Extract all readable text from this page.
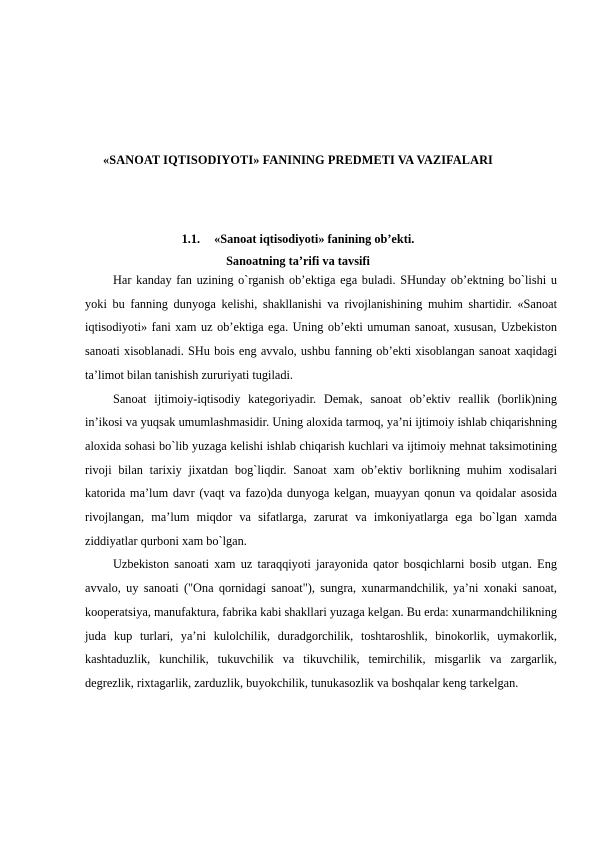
«SANOAT IQTISODIYOTI» FANINING PREDMETI VA VAZIFALARI
1.1. «Sanoat iqtisodiyoti» fanining ob’ekti.
Sanoatning ta’rifi va tavsifi

Har kanday fan uzining o`rganish ob’ektiga ega buladi. SHunday ob’ektning bo`lishi u yoki bu fanning dunyoga kelishi, shakllanishi va rivojlanishining muhim shartidir. «Sanoat iqtisodiyoti» fani xam uz ob’ektiga ega. Uning ob’ekti umuman sanoat, xususan, Uzbekiston sanoati xisoblanadi. SHu bois eng avvalo, ushbu fanning ob’ekti xisoblangan sanoat xaqidagi ta’limot bilan tanishish zururiyati tugiladi.

Sanoat ijtimoiy-iqtisodiy kategoriyadir. Demak, sanoat ob’ektiv reallik (borlik)ning in’ikosi va yuqsak umumlashmasidir. Uning aloxida tarmoq, ya’ni ijtimoiy ishlab chiqarishning aloxida sohasi bo`lib yuzaga kelishi ishlab chiqarish kuchlari va ijtimoiy mehnat taksimotining rivoji bilan tarixiy jixatdan bog`liqdir. Sanoat xam ob’ektiv borlikning muhim xodisalari katorida ma’lum davr (vaqt va fazo)da dunyoga kelgan, muayyan qonun va qoidalar asosida rivojlangan, ma’lum miqdor va sifatlarga, zarurat va imkoniyatlarga ega bo`lgan xamda ziddiyatlar qurboni xam bo`lgan.

Uzbekiston sanoati xam uz taraqqiyoti jarayonida qator bosqichlarni bosib utgan. Eng avvalo, uy sanoati ("Ona qornidagi sanoat"), sungra, xunarmandchilik, ya’ni xonaki sanoat, kooperatsiya, manufaktura, fabrika kabi shakllari yuzaga kelgan. Bu erda: xunarmandchilikning juda kup turlari, ya’ni kulolchilik, duradgorchilik, toshtaroshlik, binokorlik, uymakorlik, kashtaduzlik, kunchilik, tukuvchilik va tikuvchilik, temirchilik, misgarlik va zargarlik, degrezlik, rixtagarlik, zarduzlik, buyokchilik, tunukasozlik va boshqalar keng tarkelgan.
